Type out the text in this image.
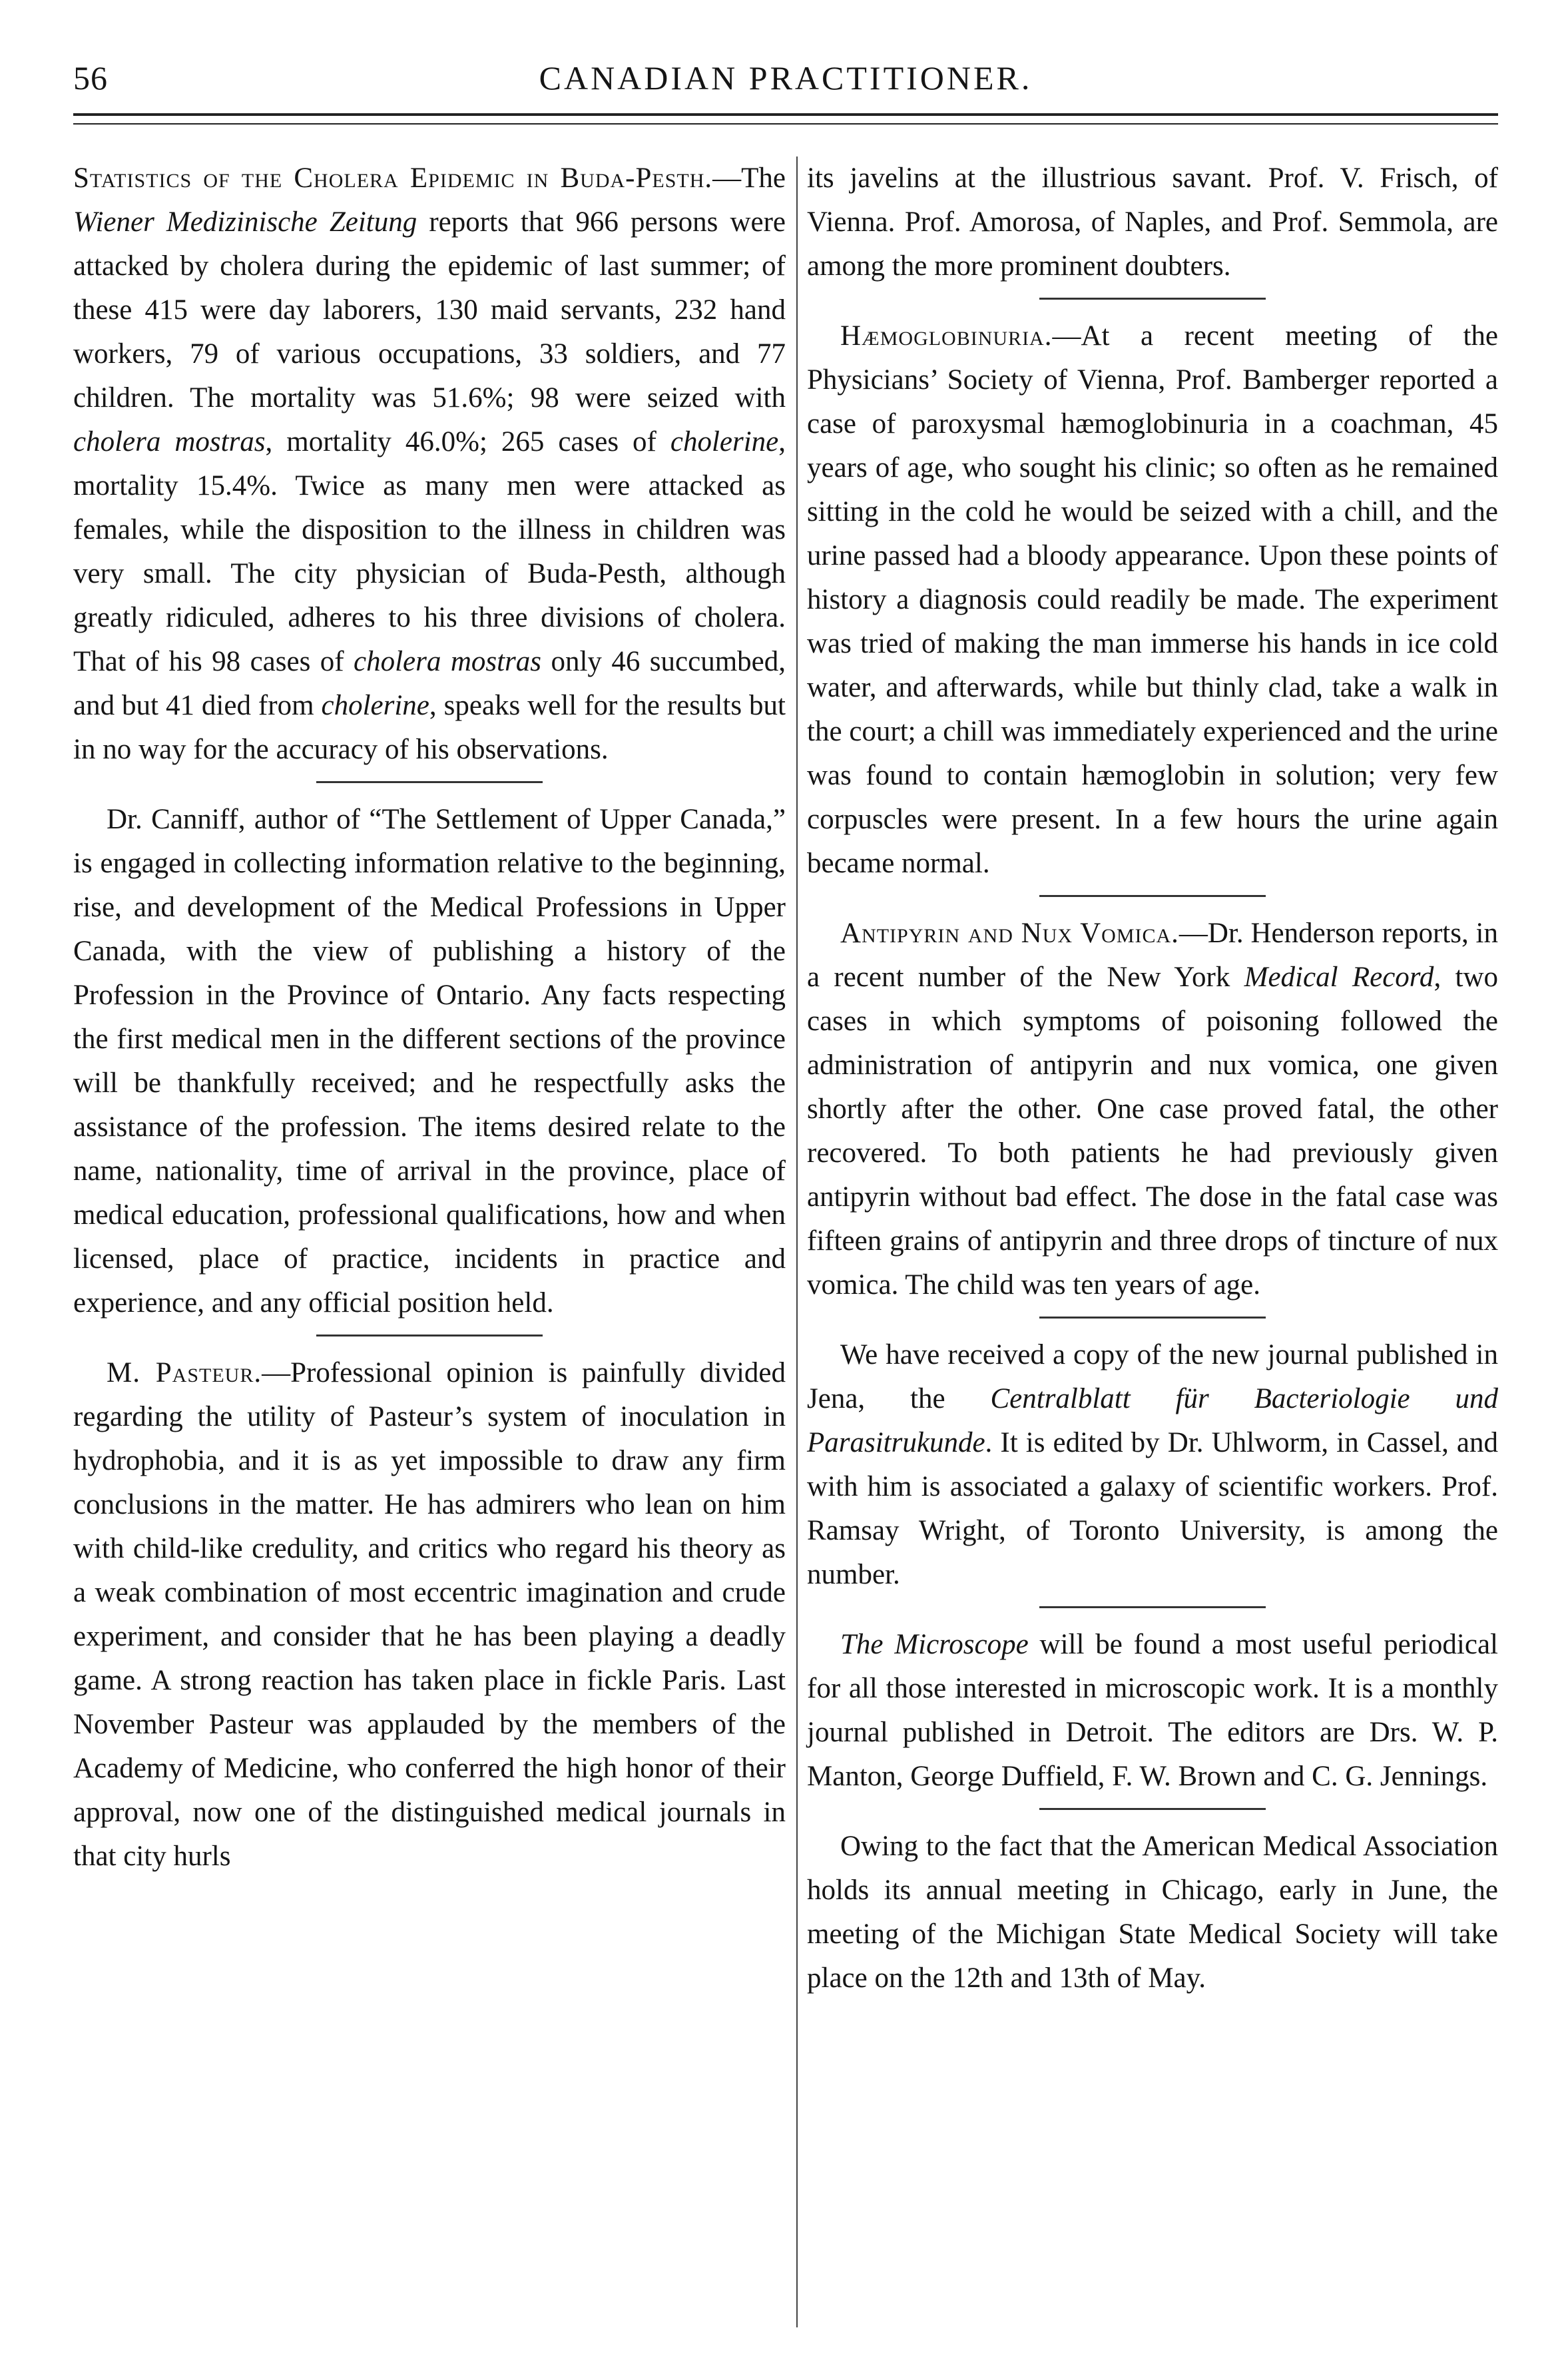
56	CANADIAN PRACTITIONER.

Statistics of the Cholera Epidemic in Buda-Pesth.—The Wiener Medizinische Zeitung reports that 966 persons were attacked by cholera during the epidemic of last summer; of these 415 were day laborers, 130 maid servants, 232 hand workers, 79 of various occupations, 33 soldiers, and 77 children. The mortality was 51.6%; 98 were seized with cholera mostras, mortality 46.0%; 265 cases of cholerine, mortality 15.4%. Twice as many men were attacked as females, while the disposition to the illness in children was very small. The city physician of Buda-Pesth, although greatly ridiculed, adheres to his three divisions of cholera. That of his 98 cases of cholera mostras only 46 succumbed, and but 41 died from cholerine, speaks well for the results but in no way for the accuracy of his observations.

Dr. Canniff, author of “The Settlement of Upper Canada,” is engaged in collecting information relative to the beginning, rise, and development of the Medical Professions in Upper Canada, with the view of publishing a history of the Profession in the Province of Ontario. Any facts respecting the first medical men in the different sections of the province will be thankfully received; and he respectfully asks the assistance of the profession. The items desired relate to the name, nationality, time of arrival in the province, place of medical education, professional qualifications, how and when licensed, place of practice, incidents in practice and experience, and any official position held.

M. Pasteur.—Professional opinion is painfully divided regarding the utility of Pasteur’s system of inoculation in hydrophobia, and it is as yet impossible to draw any firm conclusions in the matter. He has admirers who lean on him with child-like credulity, and critics who regard his theory as a weak combination of most eccentric imagination and crude experiment, and consider that he has been playing a deadly game. A strong reaction has taken place in fickle Paris. Last November Pasteur was applauded by the members of the Academy of Medicine, who conferred the high honor of their approval, now one of the distinguished medical journals in that city hurls

its javelins at the illustrious savant. Prof. V. Frisch, of Vienna. Prof. Amorosa, of Naples, and Prof. Semmola, are among the more prominent doubters.

Hæmoglobinuria.—At a recent meeting of the Physicians’ Society of Vienna, Prof. Bamberger reported a case of paroxysmal hæmoglobinuria in a coachman, 45 years of age, who sought his clinic; so often as he remained sitting in the cold he would be seized with a chill, and the urine passed had a bloody appearance. Upon these points of history a diagnosis could readily be made. The experiment was tried of making the man immerse his hands in ice cold water, and afterwards, while but thinly clad, take a walk in the court; a chill was immediately experienced and the urine was found to contain hæmoglobin in solution; very few corpuscles were present. In a few hours the urine again became normal.

Antipyrin and Nux Vomica.—Dr. Henderson reports, in a recent number of the New York Medical Record, two cases in which symptoms of poisoning followed the administration of antipyrin and nux vomica, one given shortly after the other. One case proved fatal, the other recovered. To both patients he had previously given antipyrin without bad effect. The dose in the fatal case was fifteen grains of antipyrin and three drops of tincture of nux vomica. The child was ten years of age.

We have received a copy of the new journal published in Jena, the Centralblatt für Bacteriologie und Parasitrukunde. It is edited by Dr. Uhlworm, in Cassel, and with him is associated a galaxy of scientific workers. Prof. Ramsay Wright, of Toronto University, is among the number.

The Microscope will be found a most useful periodical for all those interested in microscopic work. It is a monthly journal published in Detroit. The editors are Drs. W. P. Manton, George Duffield, F. W. Brown and C. G. Jennings.

Owing to the fact that the American Medical Association holds its annual meeting in Chicago, early in June, the meeting of the Michigan State Medical Society will take place on the 12th and 13th of May.
